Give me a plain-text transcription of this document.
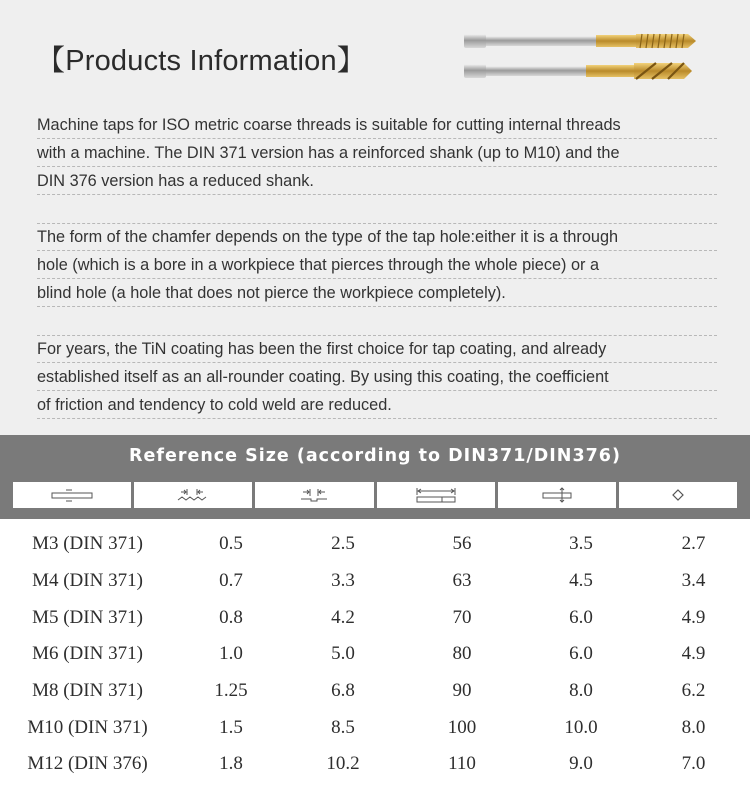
【Products Information】
Machine taps for ISO metric coarse threads is suitable for cutting internal threads
with a machine. The DIN 371 version has a reinforced shank (up to M10) and the
DIN 376 version has a reduced shank.
The form of the chamfer depends on the type of the tap hole:either it is a through
hole (which is a bore in a workpiece that pierces through the whole piece) or a
blind hole (a hole that does not pierce the workpiece completely).
For years, the TiN coating has been the first choice for tap coating, and already
established itself as an all-rounder coating. By using this coating, the coefficient
of friction and tendency to cold weld are reduced.
Reference Size (according to DIN371/DIN376)
M3 (DIN 371)	0.5	2.5	56	3.5	2.7
M4 (DIN 371)	0.7	3.3	63	4.5	3.4
M5 (DIN 371)	0.8	4.2	70	6.0	4.9
M6 (DIN 371)	1.0	5.0	80	6.0	4.9
M8 (DIN 371)	1.25	6.8	90	8.0	6.2
M10 (DIN 371)	1.5	8.5	100	10.0	8.0
M12 (DIN 376)	1.8	10.2	110	9.0	7.0
